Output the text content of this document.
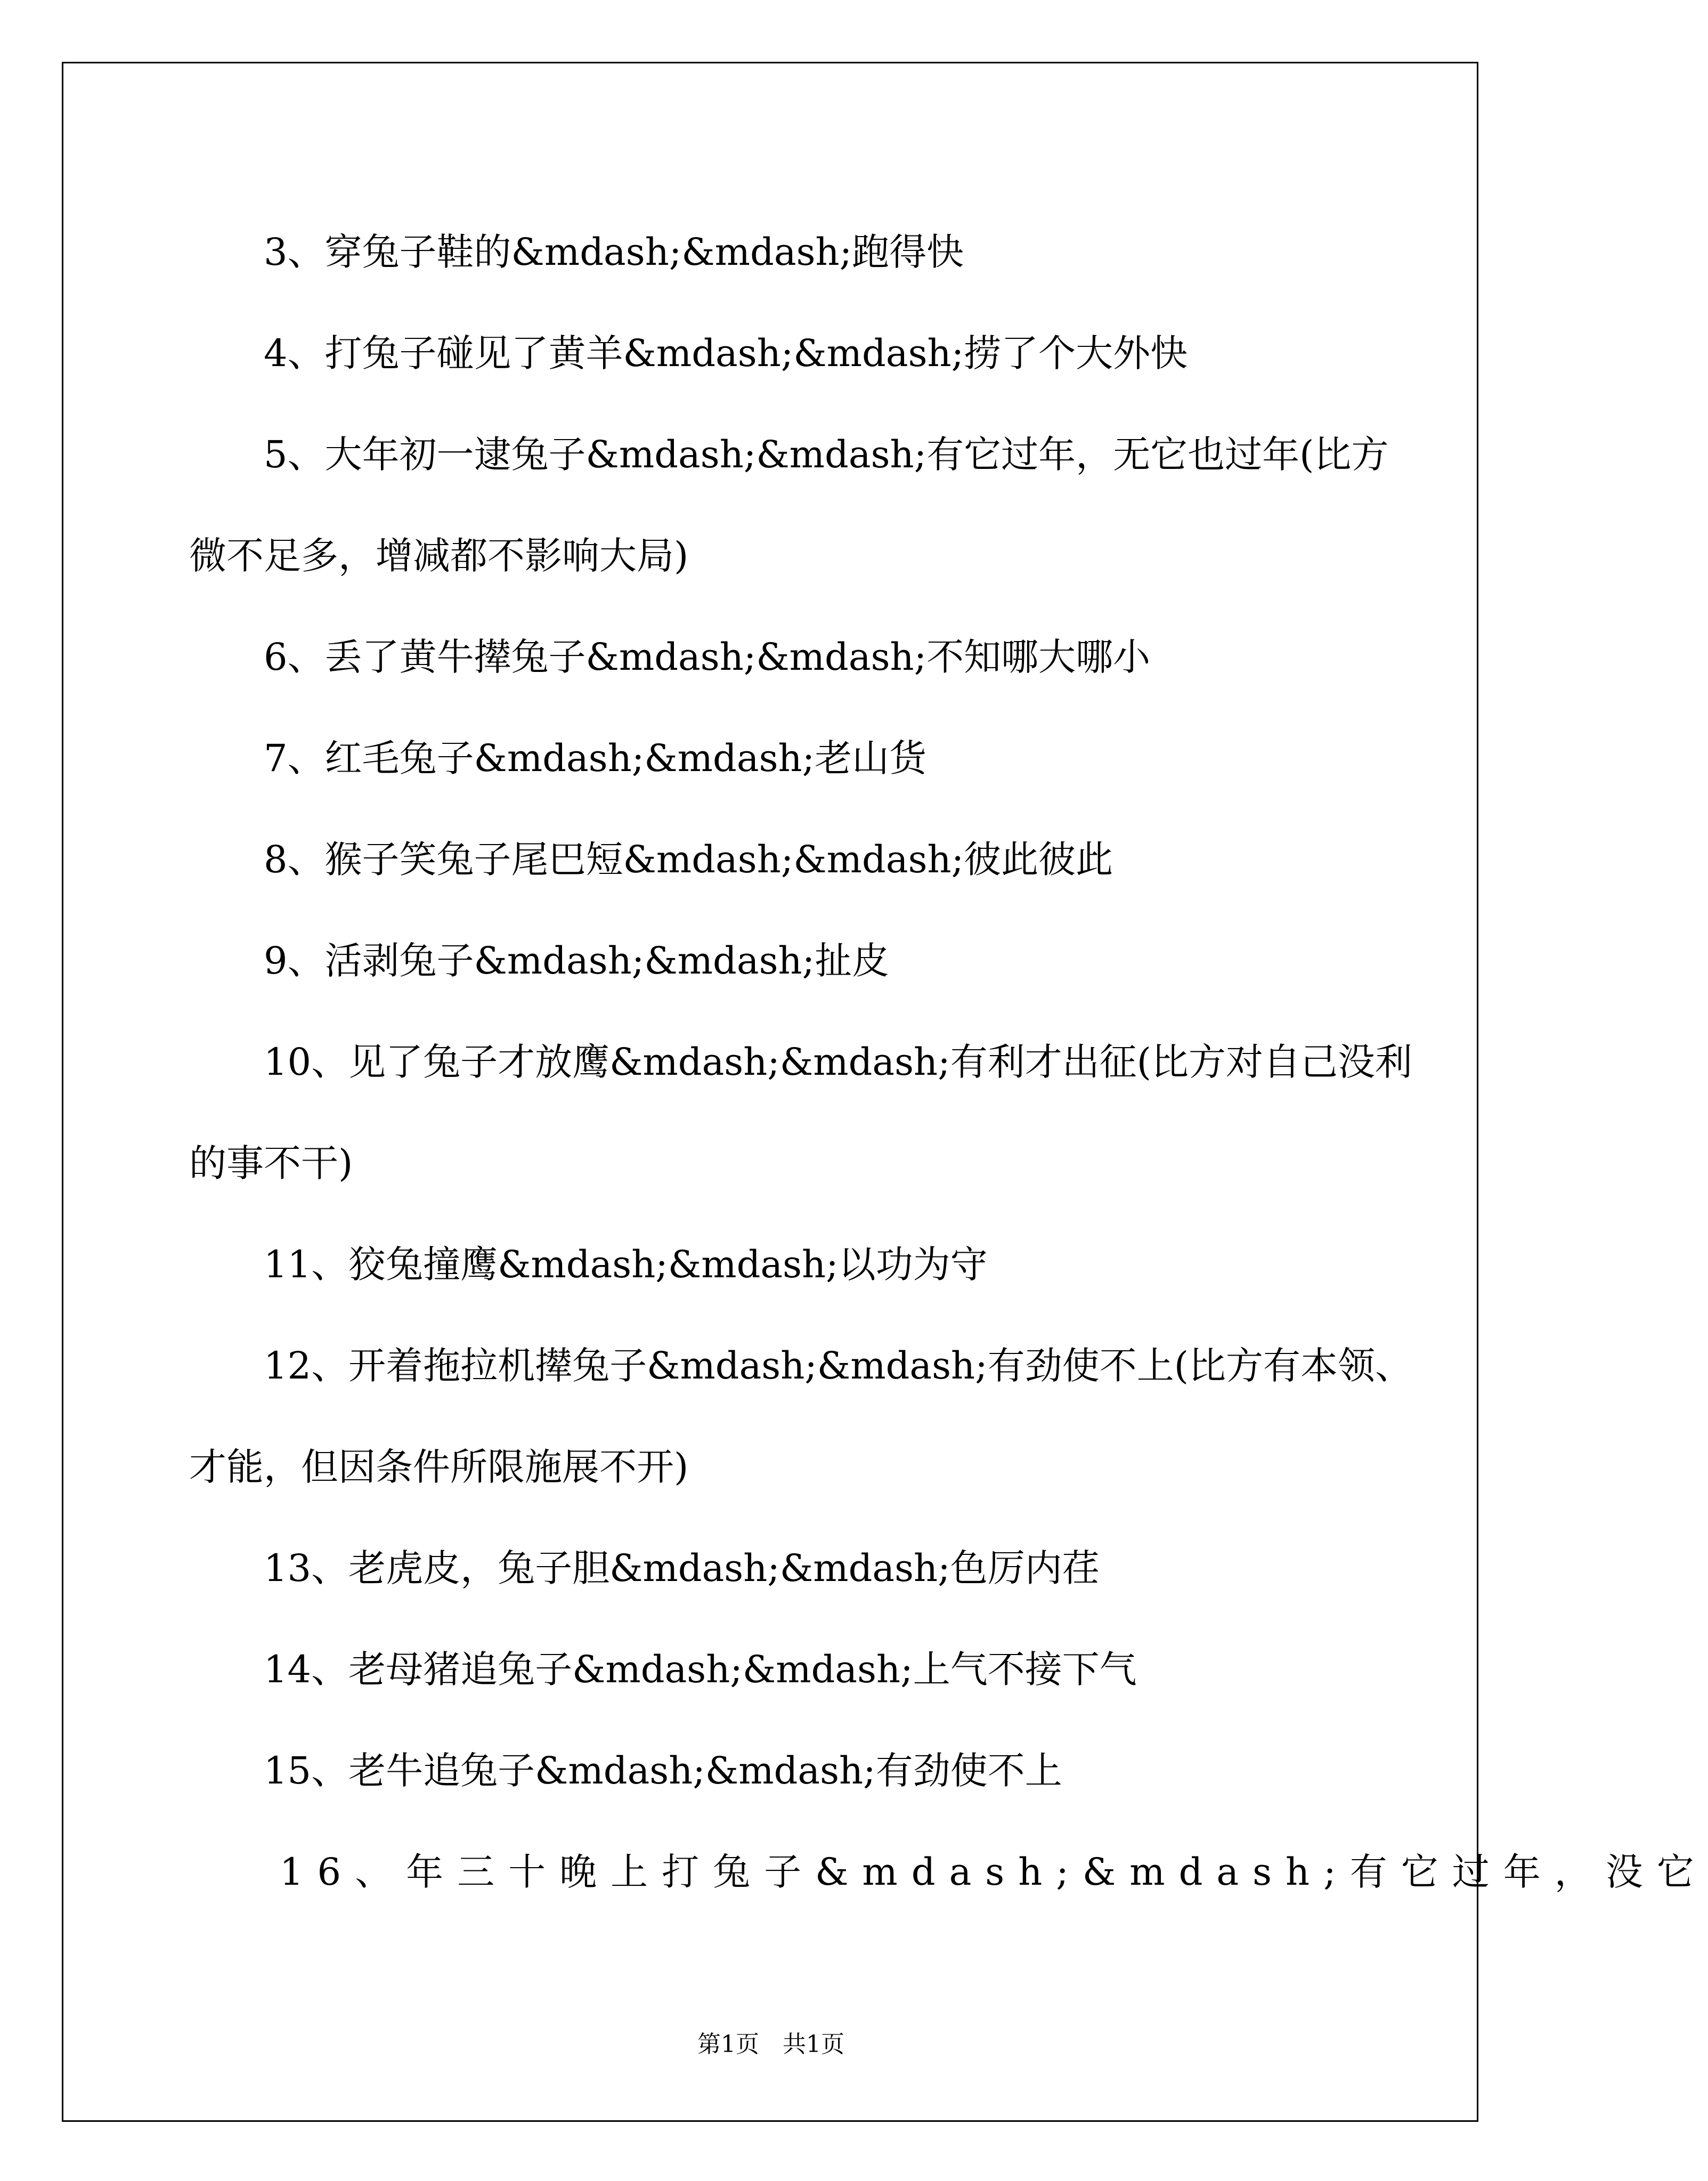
3、穿兔子鞋的&mdash;&mdash;跑得快

4、打兔子碰见了黄羊&mdash;&mdash;捞了个大外快

5、大年初一逮兔子&mdash;&mdash;有它过年，无它也过年(比方
微不足多，增减都不影响大局)

6、丢了黄牛撵兔子&mdash;&mdash;不知哪大哪小

7、红毛兔子&mdash;&mdash;老山货

8、猴子笑兔子尾巴短&mdash;&mdash;彼此彼此

9、活剥兔子&mdash;&mdash;扯皮

10、见了兔子才放鹰&mdash;&mdash;有利才出征(比方对自己没利
的事不干)

11、狡兔撞鹰&mdash;&mdash;以功为守

12、开着拖拉机撵兔子&mdash;&mdash;有劲使不上(比方有本领、
才能，但因条件所限施展不开)

13、老虎皮，兔子胆&mdash;&mdash;色厉内荏

14、老母猪追兔子&mdash;&mdash;上气不接下气

15、老牛追兔子&mdash;&mdash;有劲使不上

16、年三十晚上打兔子&mdash;&mdash;有它过年，没它

第1页　共1页
